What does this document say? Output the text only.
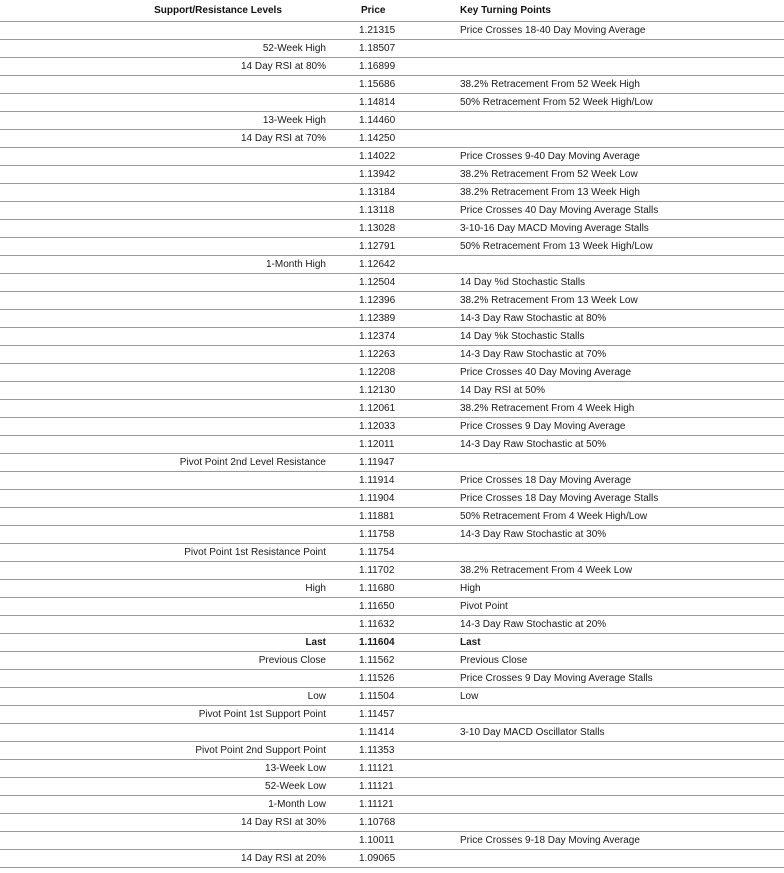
Support/Resistance Levels	Price	Key Turning Points
	1.21315	Price Crosses 18-40 Day Moving Average
52-Week High	1.18507	
14 Day RSI at 80%	1.16899	
	1.15686	38.2% Retracement From 52 Week High
	1.14814	50% Retracement From 52 Week High/Low
13-Week High	1.14460	
14 Day RSI at 70%	1.14250	
	1.14022	Price Crosses 9-40 Day Moving Average
	1.13942	38.2% Retracement From 52 Week Low
	1.13184	38.2% Retracement From 13 Week High
	1.13118	Price Crosses 40 Day Moving Average Stalls
	1.13028	3-10-16 Day MACD Moving Average Stalls
	1.12791	50% Retracement From 13 Week High/Low
1-Month High	1.12642	
	1.12504	14 Day %d Stochastic Stalls
	1.12396	38.2% Retracement From 13 Week Low
	1.12389	14-3 Day Raw Stochastic at 80%
	1.12374	14 Day %k Stochastic Stalls
	1.12263	14-3 Day Raw Stochastic at 70%
	1.12208	Price Crosses 40 Day Moving Average
	1.12130	14 Day RSI at 50%
	1.12061	38.2% Retracement From 4 Week High
	1.12033	Price Crosses 9 Day Moving Average
	1.12011	14-3 Day Raw Stochastic at 50%
Pivot Point 2nd Level Resistance	1.11947	
	1.11914	Price Crosses 18 Day Moving Average
	1.11904	Price Crosses 18 Day Moving Average Stalls
	1.11881	50% Retracement From 4 Week High/Low
	1.11758	14-3 Day Raw Stochastic at 30%
Pivot Point 1st Resistance Point	1.11754	
	1.11702	38.2% Retracement From 4 Week Low
High	1.11680	High
	1.11650	Pivot Point
	1.11632	14-3 Day Raw Stochastic at 20%
Last	1.11604	Last
Previous Close	1.11562	Previous Close
	1.11526	Price Crosses 9 Day Moving Average Stalls
Low	1.11504	Low
Pivot Point 1st Support Point	1.11457	
	1.11414	3-10 Day MACD Oscillator Stalls
Pivot Point 2nd Support Point	1.11353	
13-Week Low	1.11121	
52-Week Low	1.11121	
1-Month Low	1.11121	
14 Day RSI at 30%	1.10768	
	1.10011	Price Crosses 9-18 Day Moving Average
14 Day RSI at 20%	1.09065	
